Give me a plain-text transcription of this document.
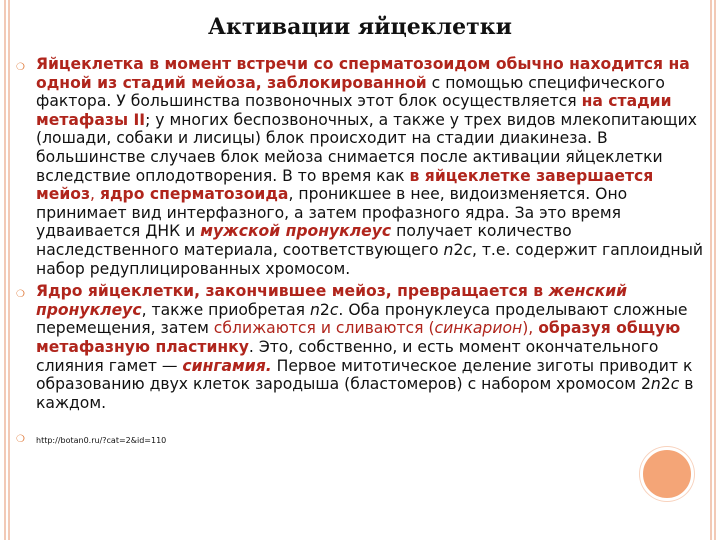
Активации яйцеклетки
❍ Яйцеклетка в момент встречи со сперматозоидом обычно находится на одной из стадий мейоза, заблокированной с помощью специфического фактора. У большинства позвоночных этот блок осуществляется на стадии метафазы II; у многих беспозвоночных, а также у трех видов млекопитающих (лошади, собаки и лисицы) блок происходит на стадии диакинеза. В большинстве случаев блок мейоза снимается после активации яйцеклетки вследствие оплодотворения. В то время как в яйцеклетке завершается мейоз, ядро сперматозоида, проникшее в нее, видоизменяется. Оно принимает вид интерфазного, а затем профазного ядра. За это время удваивается ДНК и мужской пронуклеус получает количество наследственного материала, соответствующего n2c, т.е. содержит гаплоидный набор редуплицированных хромосом.
❍ Ядро яйцеклетки, закончившее мейоз, превращается в женский пронуклеус, также приобретая n2c. Оба пронуклеуса проделывают сложные перемещения, затем сближаются и сливаются (синкарион), образуя общую метафазную пластинку. Это, собственно, и есть момент окончательного слияния гамет — сингамия. Первое митотическое деление зиготы приводит к образованию двух клеток зародыша (бластомеров) с набором хромосом 2n2c в каждом.
❍ http://botan0.ru/?cat=2&id=110
